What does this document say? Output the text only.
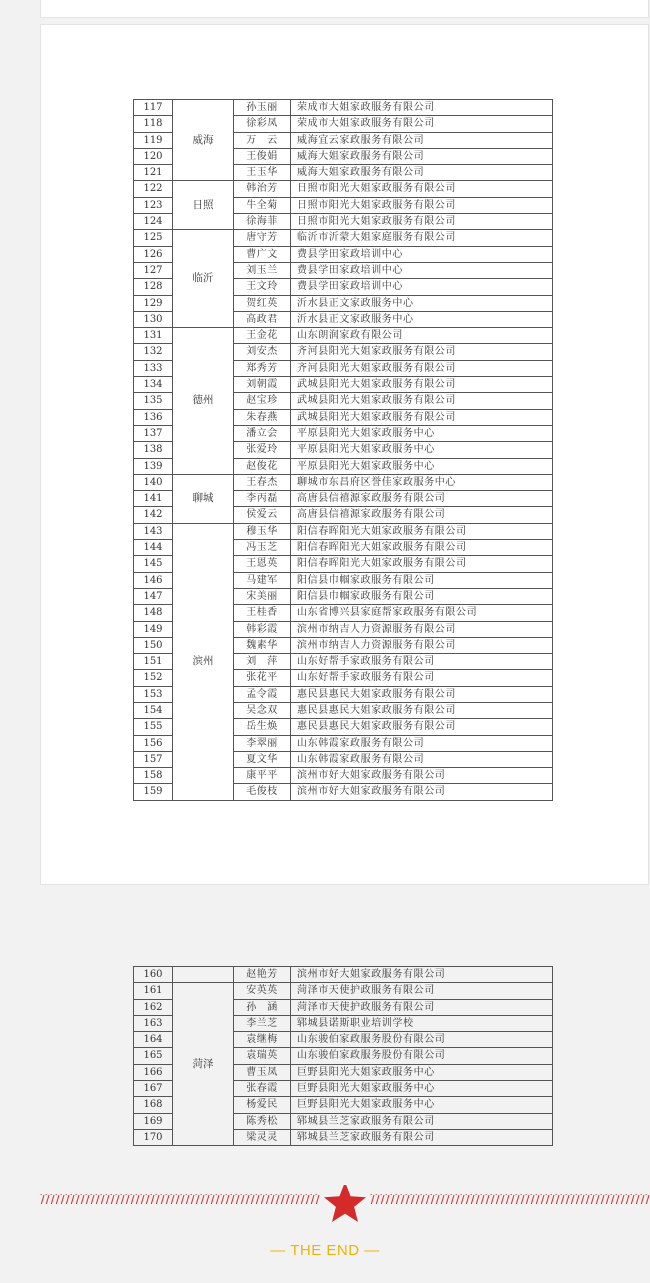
117	威海	孙玉丽	荣成市大姐家政服务有限公司
118		徐彩凤	荣成市大姐家政服务有限公司
119		万　云	威海宜云家政服务有限公司
120		王俊娟	威海大姐家政服务有限公司
121		王玉华	威海大姐家政服务有限公司
122	日照	韩治芳	日照市阳光大姐家政服务有限公司
123		牛全菊	日照市阳光大姐家政服务有限公司
124		徐海菲	日照市阳光大姐家政服务有限公司
125	临沂	唐守芳	临沂市沂蒙大姐家庭服务有限公司
126		曹广文	费县学田家政培训中心
127		刘玉兰	费县学田家政培训中心
128		王文玲	费县学田家政培训中心
129		贺红英	沂水县正文家政服务中心
130		高政君	沂水县正文家政服务中心
131	德州	王金花	山东朗润家政有限公司
132		刘安杰	齐河县阳光大姐家政服务有限公司
133		郑秀芳	齐河县阳光大姐家政服务有限公司
134		刘朝霞	武城县阳光大姐家政服务有限公司
135		赵宝珍	武城县阳光大姐家政服务有限公司
136		朱春燕	武城县阳光大姐家政服务有限公司
137		潘立会	平原县阳光大姐家政服务中心
138		张爱玲	平原县阳光大姐家政服务中心
139		赵俊花	平原县阳光大姐家政服务中心
140	聊城	王春杰	聊城市东昌府区誉佳家政服务中心
141		李丙磊	高唐县信禧源家政服务有限公司
142		侯爱云	高唐县信禧源家政服务有限公司
143	滨州	穆玉华	阳信春晖阳光大姐家政服务有限公司
144		冯玉芝	阳信春晖阳光大姐家政服务有限公司
145		王恩英	阳信春晖阳光大姐家政服务有限公司
146		马建军	阳信县巾帼家政服务有限公司
147		宋美丽	阳信县巾帼家政服务有限公司
148		王桂香	山东省博兴县家庭帮家政服务有限公司
149		韩彩霞	滨州市纳吉人力资源服务有限公司
150		魏素华	滨州市纳吉人力资源服务有限公司
151		刘　萍	山东好帮手家政服务有限公司
152		张花平	山东好帮手家政服务有限公司
153		孟令霞	惠民县惠民大姐家政服务有限公司
154		吴念双	惠民县惠民大姐家政服务有限公司
155		岳生焕	惠民县惠民大姐家政服务有限公司
156		李翠丽	山东韩霞家政服务有限公司
157		夏文华	山东韩霞家政服务有限公司
158		康平平	滨州市好大姐家政服务有限公司
159		毛俊枝	滨州市好大姐家政服务有限公司
160		赵艳芳	滨州市好大姐家政服务有限公司
161	菏泽	安英英	菏泽市天使护政服务有限公司
162		孙　涵	菏泽市天使护政服务有限公司
163		李兰芝	郓城县诺斯职业培训学校
164		袁继梅	山东骏伯家政服务股份有限公司
165		袁瑞英	山东骏伯家政服务股份有限公司
166		曹玉凤	巨野县阳光大姐家政服务中心
167		张春霞	巨野县阳光大姐家政服务中心
168		杨爱民	巨野县阳光大姐家政服务中心
169		陈秀松	郓城县兰芝家政服务有限公司
170		梁灵灵	郓城县兰芝家政服务有限公司
— THE END —
